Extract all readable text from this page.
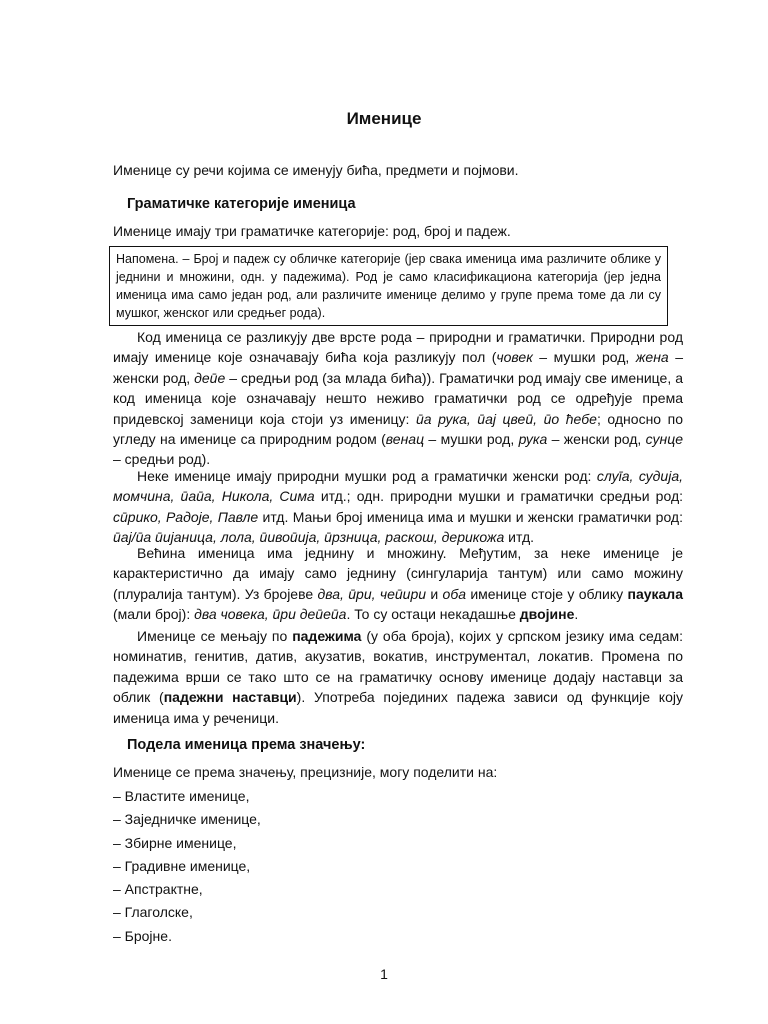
Именице

Именице су речи којима се именују бића, предмети и појмови.

Граматичке категорије именица

Именице имају три граматичке категорије: род, број и падеж.

Напомена. – Број и падеж су обличке категорије (јер свака именица има различите облике у једнини и множини, одн. у падежима). Род је само класификациона категорија (јер једна именица има само један род, али различите именице делимо у групе према томе да ли су мушког, женског или средњег рода).

Код именица се разликују две врсте рода – природни и граматички. Природни род имају именице које означавају бића која разликују пол (човек – мушки род, жена – женски род, деӣе – средњи род (за млада бића)). Граматички род имају све именице, а код именица које означавају нешто неживо граматички род се одређује према придевској заменици која стоји уз именицу: ӣа рука, ӣај цвеӣ, ӣо ћебе; односно по угледу на именице са природним родом (венац – мушки род, рука – женски род, сунце – средњи род).

Неке именице имају природни мушки род а граматички женски род: слуīа, судија, момчина, ӣаӣа, Никола, Сима итд.; одн. природни мушки и граматички средњи род: сӣрико, Радоје, Павле итд. Мањи број именица има и мушки и женски граматички род: ӣај/ӣа ӣијаница, лола, ӣивоӣија, ӣрзница, раскош, дерикожа итд.

Већина именица има једнину и множину. Међутим, за неке именице је карактеристично да имају само једнину (сингуларија тантум) или само можину (плуралија тантум). Уз бројеве два, ӣри, чеӣири и оба именице стоје у облику паукала (мали број): два човека, ӣри деӣеӣа. То су остаци некадашње двојине.

Именице се мењају по падежима (у оба броја), којих у српском језику има седам: номинатив, генитив, датив, акузатив, вокатив, инструментал, локатив. Промена по падежима врши се тако што се на граматичку основу именице додају наставци за облик (падежни наставци). Употреба појединих падежа зависи од функције коју именица има у реченици.

Подела именица према значењу:

Именице се према значењу, прецизније, могу поделити на:

– Властите именице,
– Заједничке именице,
– Збирне именице,
– Градивне именице,
– Апстрактне,
– Глаголске,
– Бројне.
1
